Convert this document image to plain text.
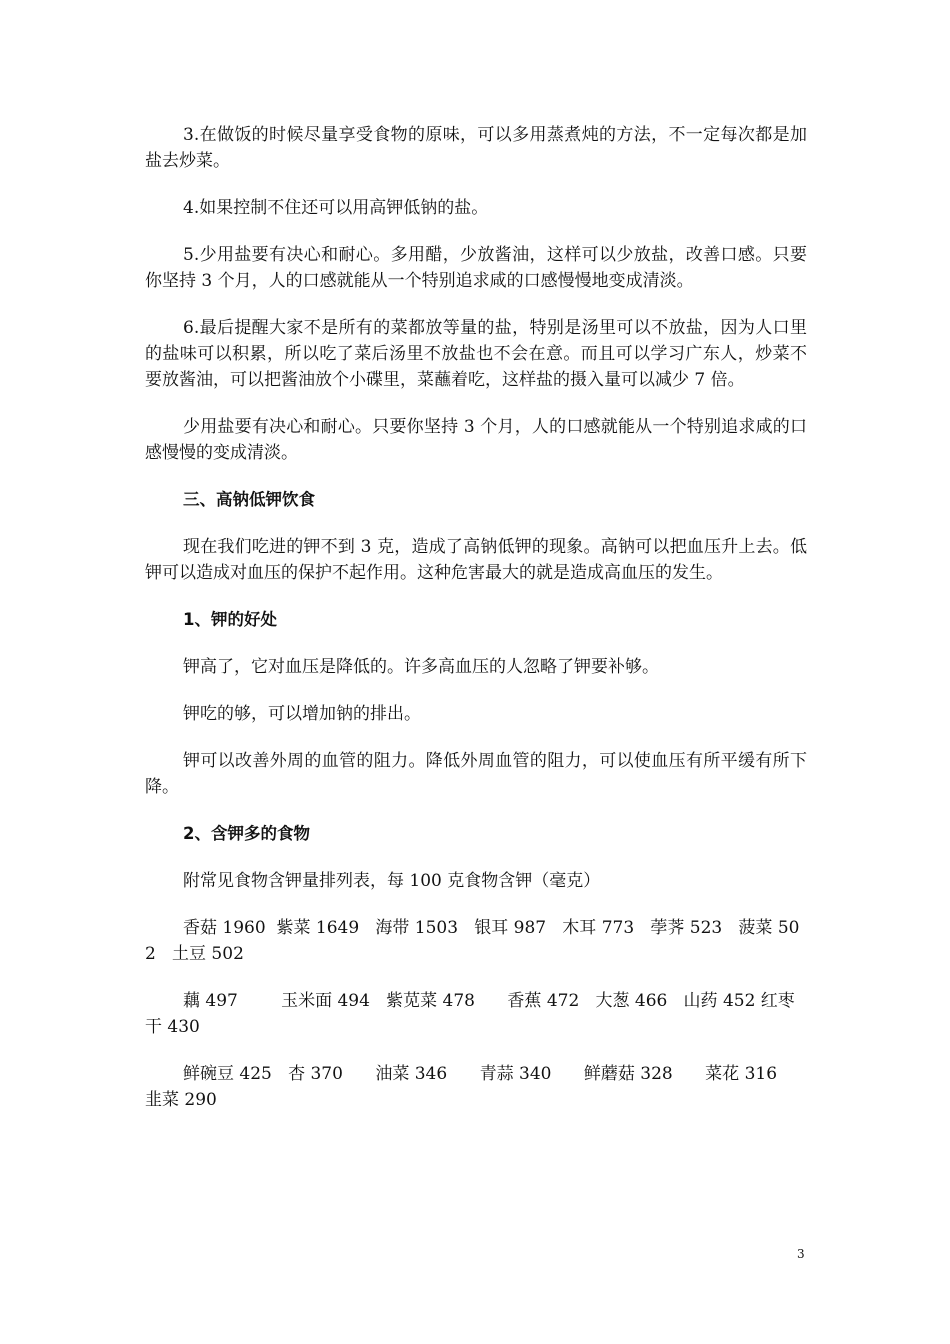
3.在做饭的时候尽量享受食物的原味，可以多用蒸煮炖的方法，不一定每次都是加盐去炒菜。

4.如果控制不住还可以用高钾低钠的盐。

5.少用盐要有决心和耐心。多用醋，少放酱油，这样可以少放盐，改善口感。只要你坚持 3 个月，人的口感就能从一个特别追求咸的口感慢慢地变成清淡。

6.最后提醒大家不是所有的菜都放等量的盐，特别是汤里可以不放盐，因为人口里的盐味可以积累，所以吃了菜后汤里不放盐也不会在意。而且可以学习广东人，炒菜不要放酱油，可以把酱油放个小碟里，菜蘸着吃，这样盐的摄入量可以减少 7 倍。

少用盐要有决心和耐心。只要你坚持 3 个月，人的口感就能从一个特别追求咸的口感慢慢的变成清淡。

三、高钠低钾饮食

现在我们吃进的钾不到 3 克，造成了高钠低钾的现象。高钠可以把血压升上去。低钾可以造成对血压的保护不起作用。这种危害最大的就是造成高血压的发生。

1、钾的好处

钾高了，它对血压是降低的。许多高血压的人忽略了钾要补够。

钾吃的够，可以增加钠的排出。

钾可以改善外周的血管的阻力。降低外周血管的阻力，可以使血压有所平缓有所下降。

2、含钾多的食物

附常见食物含钾量排列表，每 100 克食物含钾（毫克）

香菇 1960  紫菜 1649   海带 1503   银耳 987   木耳 773   荸荠 523   菠菜 502   土豆 502

藕 497        玉米面 494   紫苋菜 478      香蕉 472   大葱 466   山药 452 红枣干 430

鲜碗豆 425   杏 370      油菜 346      青蒜 340      鲜蘑菇 328      菜花 316      韭菜 290

3
